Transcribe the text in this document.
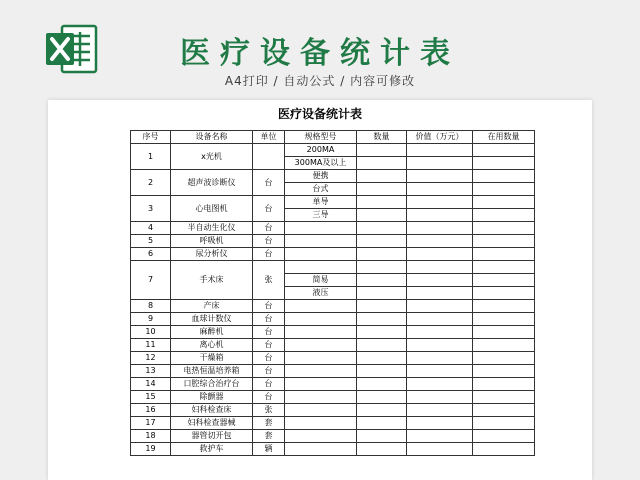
医疗设备统计表
A4打印 / 自动公式 / 内容可修改
医疗设备统计表
序号	设备名称	单位	规格型号	数量	价值（万元）	在用数量
1	x光机		200MA			
			300MA及以上			
2	超声波诊断仪	台	便携			
			台式			
3	心电图机	台	单导			
			三导			
4	半自动生化仪	台				
5	呼吸机	台				
6	尿分析仪	台				
7	手术床	张				
			简易			
			液压			
8	产床	台				
9	血球计数仪	台				
10	麻醉机	台				
11	离心机	台				
12	干燥箱	台				
13	电热恒温培养箱	台				
14	口腔综合治疗台	台				
15	除颤器	台				
16	妇科检查床	张				
17	妇科检查器械	套				
18	器管切开包	套				
19	救护车	辆				
